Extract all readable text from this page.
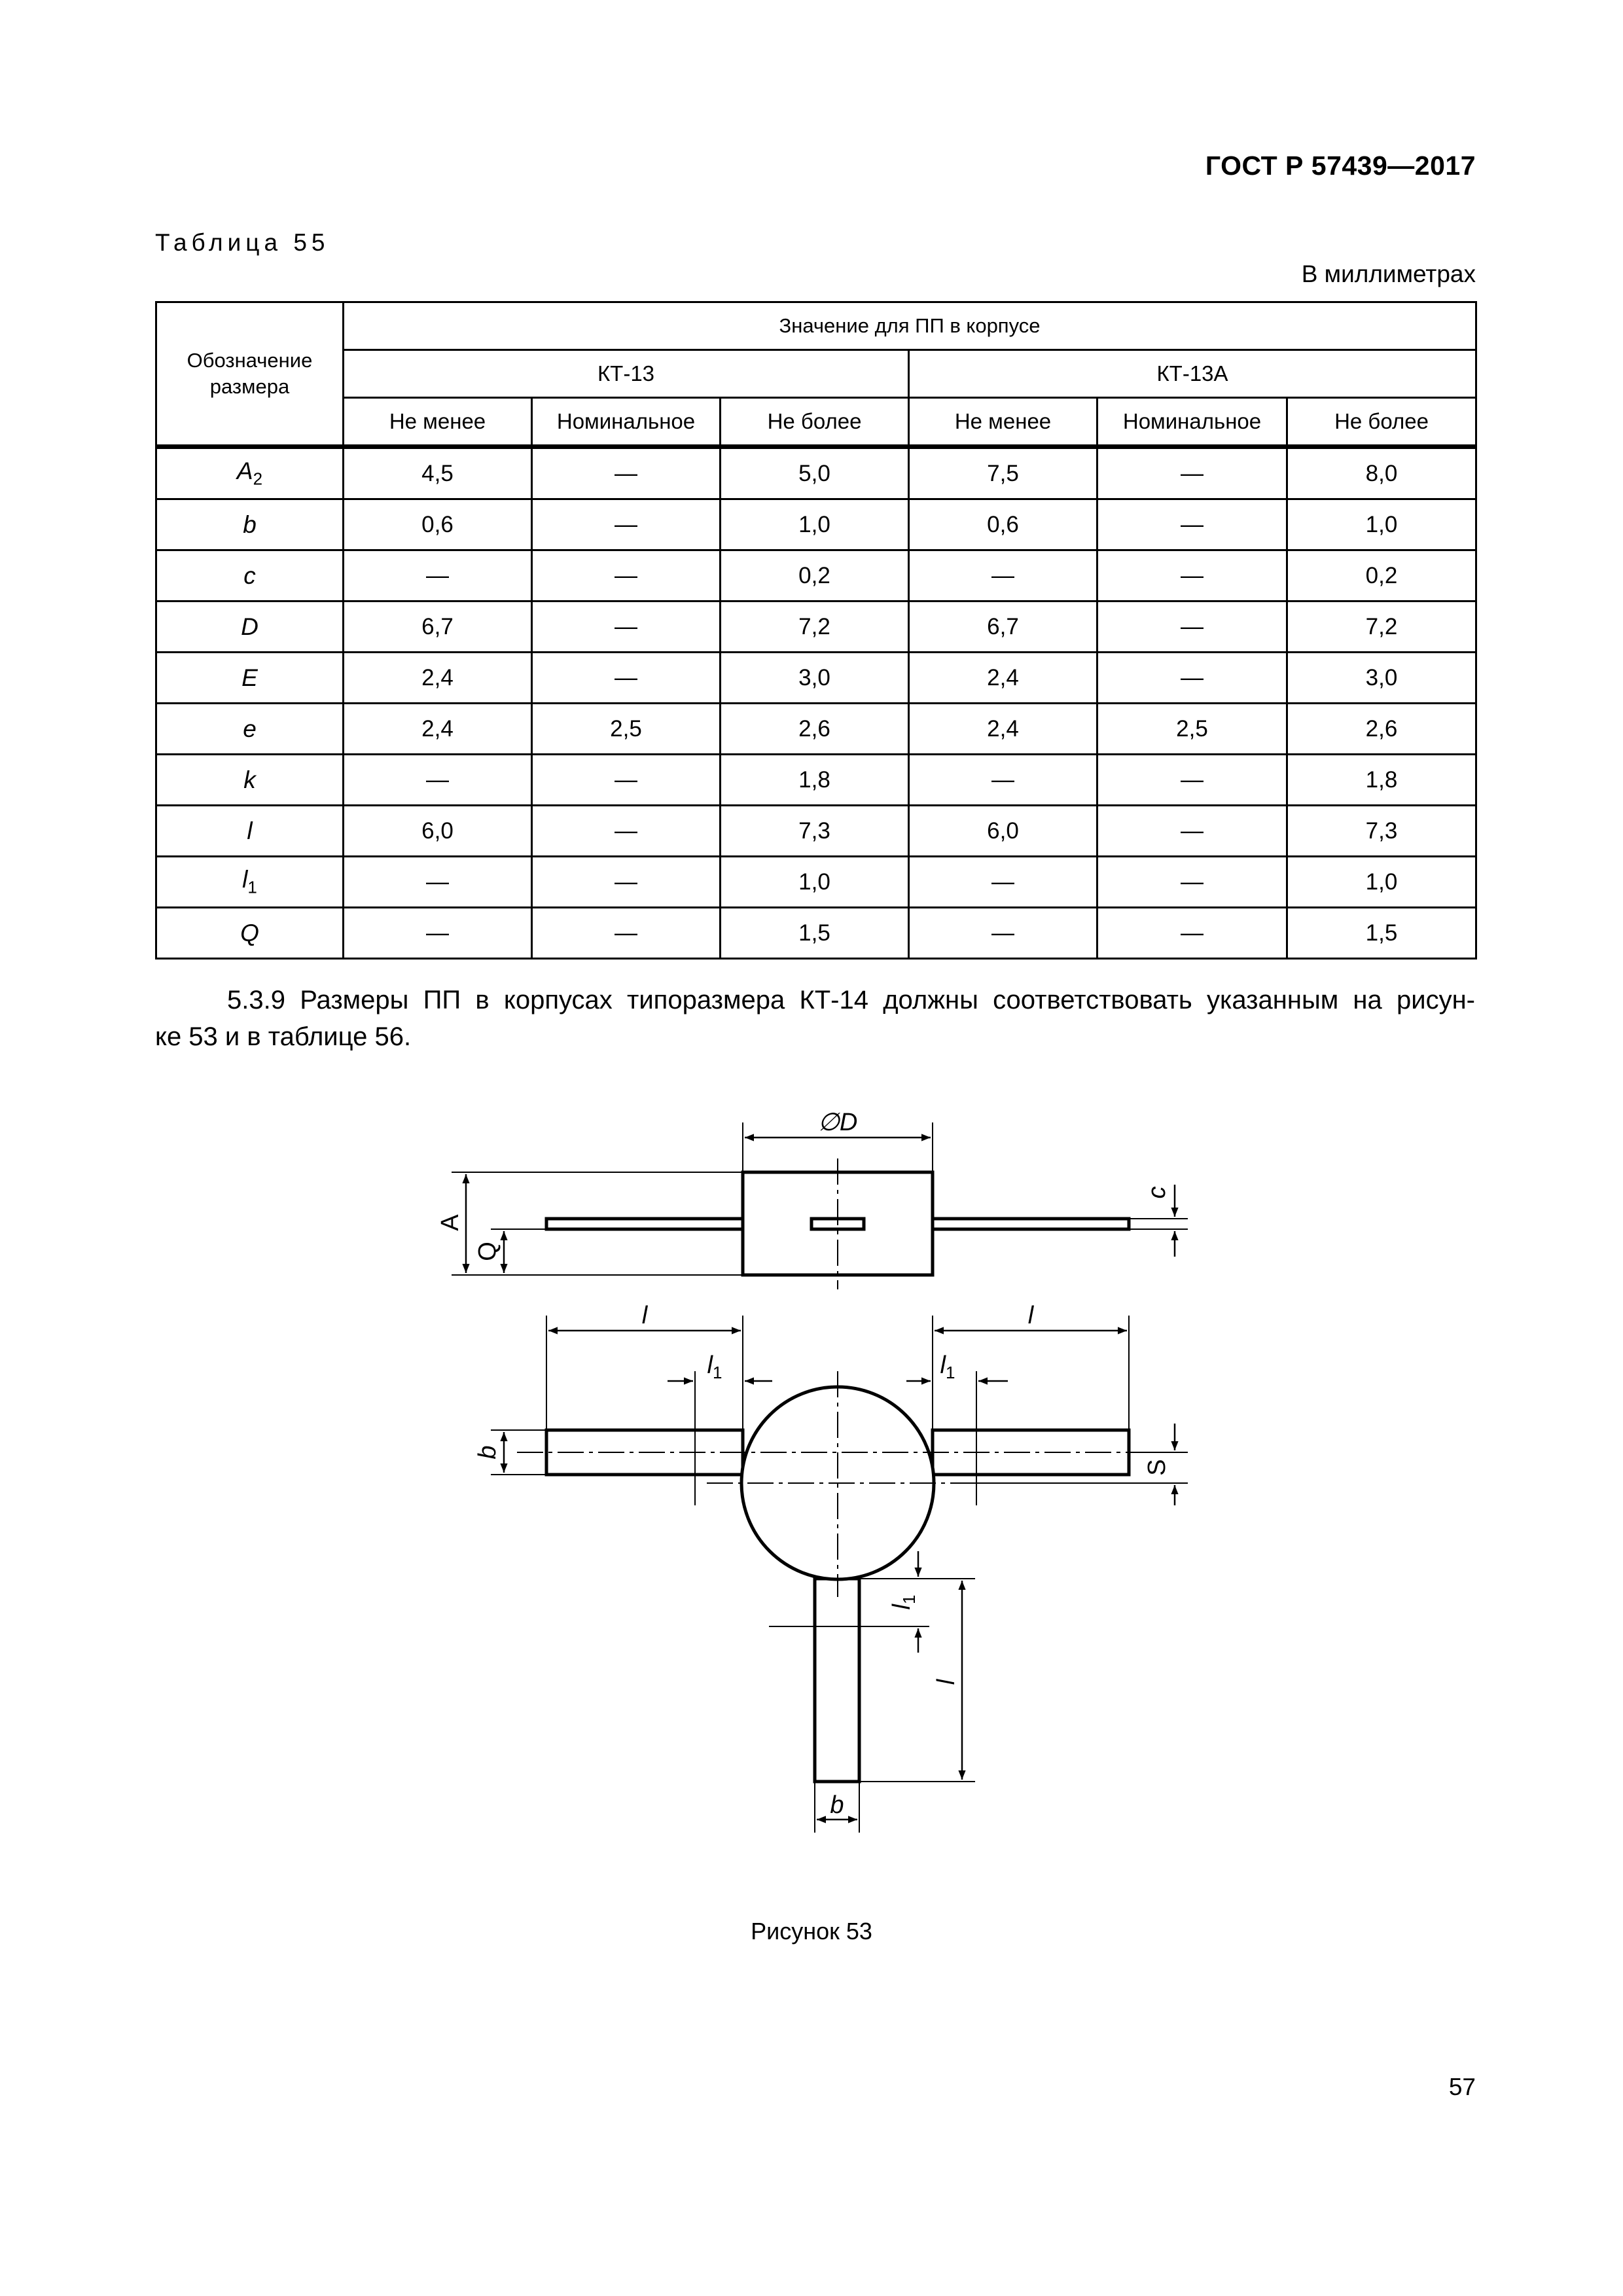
ГОСТ Р 57439—2017
Таблица 55
В миллиметрах
Обозначение
размера	Значение для ПП в корпусе					
	КТ-13			КТ-13А		
	Не менее	Номинальное	Не более	Не менее	Номинальное	Не более
$A_2$	4,5	—	5,0	7,5	—	8,0
b	0,6	—	1,0	0,6	—	1,0
c	—	—	0,2	—	—	0,2
D	6,7	—	7,2	6,7	—	7,2
E	2,4	—	3,0	2,4	—	3,0
e	2,4	2,5	2,6	2,4	2,5	2,6
k	—	—	1,8	—	—	1,8
l	6,0	—	7,3	6,0	—	7,3
$l_1$	—	—	1,0	—	—	1,0
Q	—	—	1,5	—	—	1,5
5.3.9 Размеры ПП в корпусах типоразмера КТ-14 должны соответствовать указанным на рисун-
ке 53 и в таблице 56.
∅D
A
Q
c
l	l
$l_1$	$l_1$
b
S
$l_1$
l
b
Рисунок 53
57
